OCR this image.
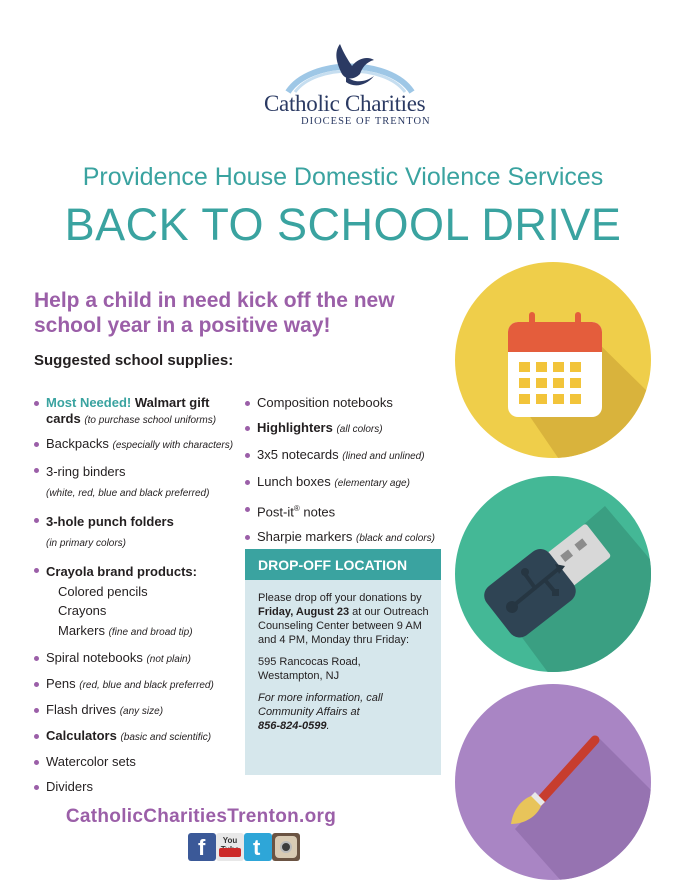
Catholic Charities
DIOCESE OF TRENTON
Providence House Domestic Violence Services
BACK TO SCHOOL DRIVE
Help a child in need kick off the new school year in a positive way!
Suggested school supplies:
Most Needed! Walmart gift cards (to purchase school uniforms)
Backpacks (especially with characters)
3-ring binders
(white, red, blue and black preferred)
3-hole punch folders
(in primary colors)
Crayola brand products:
Colored pencils
Crayons
Markers (fine and broad tip)
Spiral notebooks (not plain)
Pens (red, blue and black preferred)
Flash drives (any size)
Calculators (basic and scientific)
Watercolor sets
Dividers
Composition notebooks
Highlighters (all colors)
3x5 notecards (lined and unlined)
Lunch boxes (elementary age)
Post-it® notes
Sharpie markers (black and colors)
DROP-OFF LOCATION

Please drop off your donations by Friday, August 23 at our Outreach Counseling Center between 9 AM and 4 PM, Monday thru Friday:

595 Rancocas Road,
Westampton, NJ

For more information, call Community Affairs at
856-824-0599.

CatholicCharitiesTrenton.org
f	You t
